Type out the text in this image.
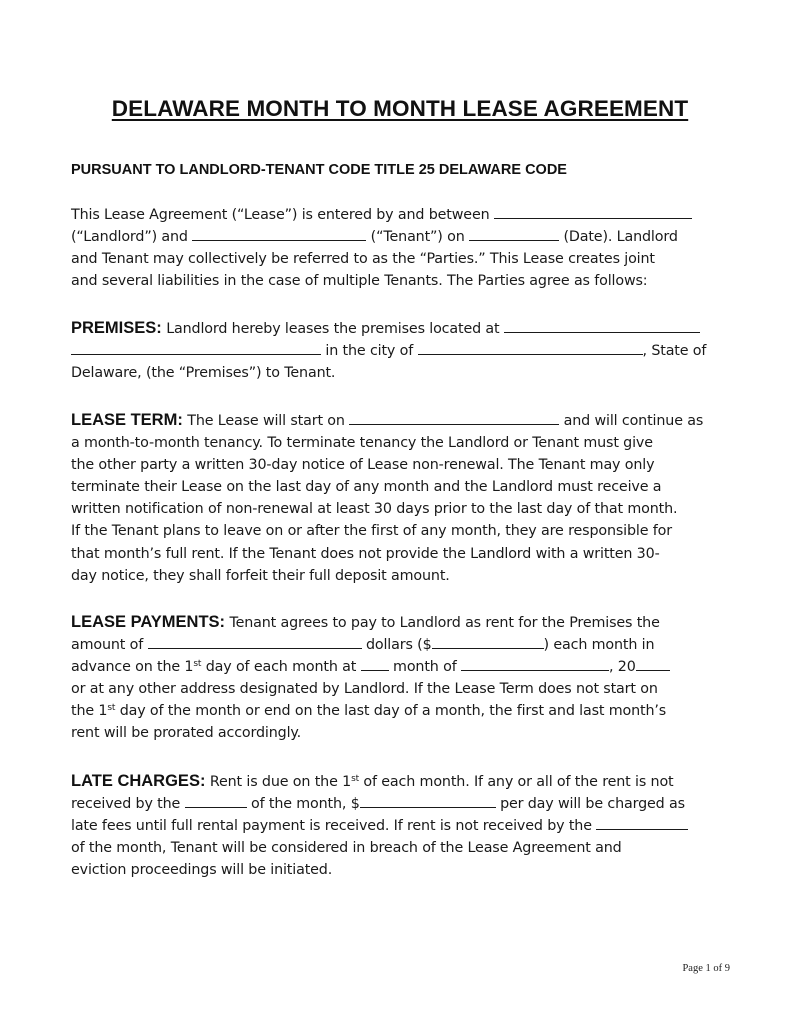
DELAWARE MONTH TO MONTH LEASE AGREEMENT
PURSUANT TO LANDLORD-TENANT CODE TITLE 25 DELAWARE CODE
This Lease Agreement (“Lease”) is entered by and between
(“Landlord”) and	(“Tenant”) on	(Date). Landlord
and Tenant may collectively be referred to as the “Parties.” This Lease creates joint
and several liabilities in the case of multiple Tenants. The Parties agree as follows:
PREMISES: Landlord hereby leases the premises located at
in the city of	, State of
Delaware, (the “Premises”) to Tenant.
LEASE TERM: The Lease will start on	and will continue as
a month-to-month tenancy. To terminate tenancy the Landlord or Tenant must give
the other party a written 30-day notice of Lease non-renewal. The Tenant may only
terminate their Lease on the last day of any month and the Landlord must receive a
written notification of non-renewal at least 30 days prior to the last day of that month.
If the Tenant plans to leave on or after the first of any month, they are responsible for
that month’s full rent. If the Tenant does not provide the Landlord with a written 30-
day notice, they shall forfeit their full deposit amount.
LEASE PAYMENTS: Tenant agrees to pay to Landlord as rent for the Premises the
amount of	dollars ($	) each month in
advance on the 1st day of each month at	month of	, 20
or at any other address designated by Landlord. If the Lease Term does not start on
the 1st day of the month or end on the last day of a month, the first and last month’s
rent will be prorated accordingly.
LATE CHARGES: Rent is due on the 1st of each month. If any or all of the rent is not
received by the	of the month, $	per day will be charged as
late fees until full rental payment is received. If rent is not received by the
of the month, Tenant will be considered in breach of the Lease Agreement and
eviction proceedings will be initiated.
Page 1 of 9
